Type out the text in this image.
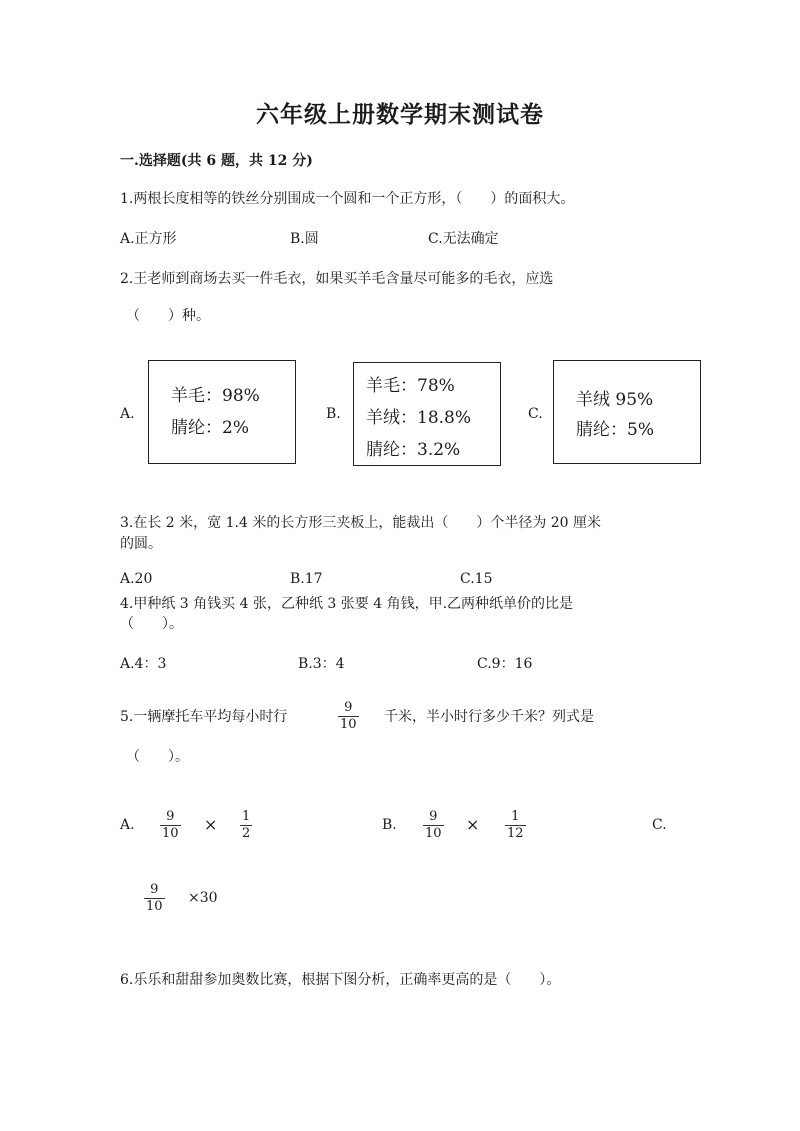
六年级上册数学期末测试卷
一.选择题(共 6 题，共 12 分)
1.两根长度相等的铁丝分别围成一个圆和一个正方形，（　　）的面积大。
A.正方形	B.圆	C.无法确定
2.王老师到商场去买一件毛衣，如果买羊毛含量尽可能多的毛衣，应选
（　　）种。
A.
羊毛：98%
腈纶：2%
B.
羊毛：78%
羊绒：18.8%
腈纶：3.2%
C.
羊绒 95%
腈纶：5%
3.在长 2 米，宽 1.4 米的长方形三夹板上，能裁出（　　）个半径为 20 厘米
的圆。
A.20	B.17	C.15
4.甲种纸 3 角钱买 4 张，乙种纸 3 张要 4 角钱，甲.乙两种纸单价的比是
（　　）。
A.4：3	B.3：4	C.9：16
5.一辆摩托车平均每小时行
9
10 千米，半小时行多少千米？列式是
（　　）。
A.
9
10 × 1
2
B.
9
10 ×	1
12
C.
9
10
×30
6.乐乐和甜甜参加奥数比赛，根据下图分析，正确率更高的是（　　）。
